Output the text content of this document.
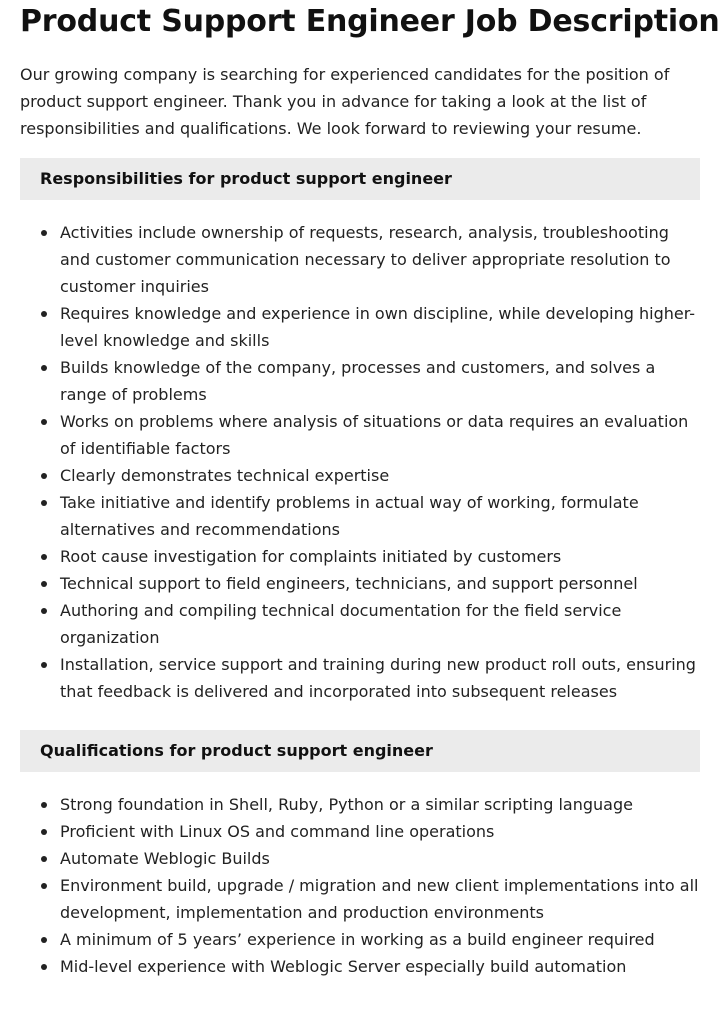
Product Support Engineer Job Description

Our growing company is searching for experienced candidates for the position of product support engineer. Thank you in advance for taking a look at the list of responsibilities and qualifications. We look forward to reviewing your resume.

Responsibilities for product support engineer
Activities include ownership of requests, research, analysis, troubleshooting and customer communication necessary to deliver appropriate resolution to customer inquiries
Requires knowledge and experience in own discipline, while developing higher-level knowledge and skills
Builds knowledge of the company, processes and customers, and solves a range of problems
Works on problems where analysis of situations or data requires an evaluation of identifiable factors
Clearly demonstrates technical expertise
Take initiative and identify problems in actual way of working, formulate alternatives and recommendations
Root cause investigation for complaints initiated by customers
Technical support to field engineers, technicians, and support personnel
Authoring and compiling technical documentation for the field service organization
Installation, service support and training during new product roll outs, ensuring that feedback is delivered and incorporated into subsequent releases
Qualifications for product support engineer
Strong foundation in Shell, Ruby, Python or a similar scripting language
Proficient with Linux OS and command line operations
Automate Weblogic Builds
Environment build, upgrade / migration and new client implementations into all development, implementation and production environments
A minimum of 5 years’ experience in working as a build engineer required
Mid-level experience with Weblogic Server especially build automation
